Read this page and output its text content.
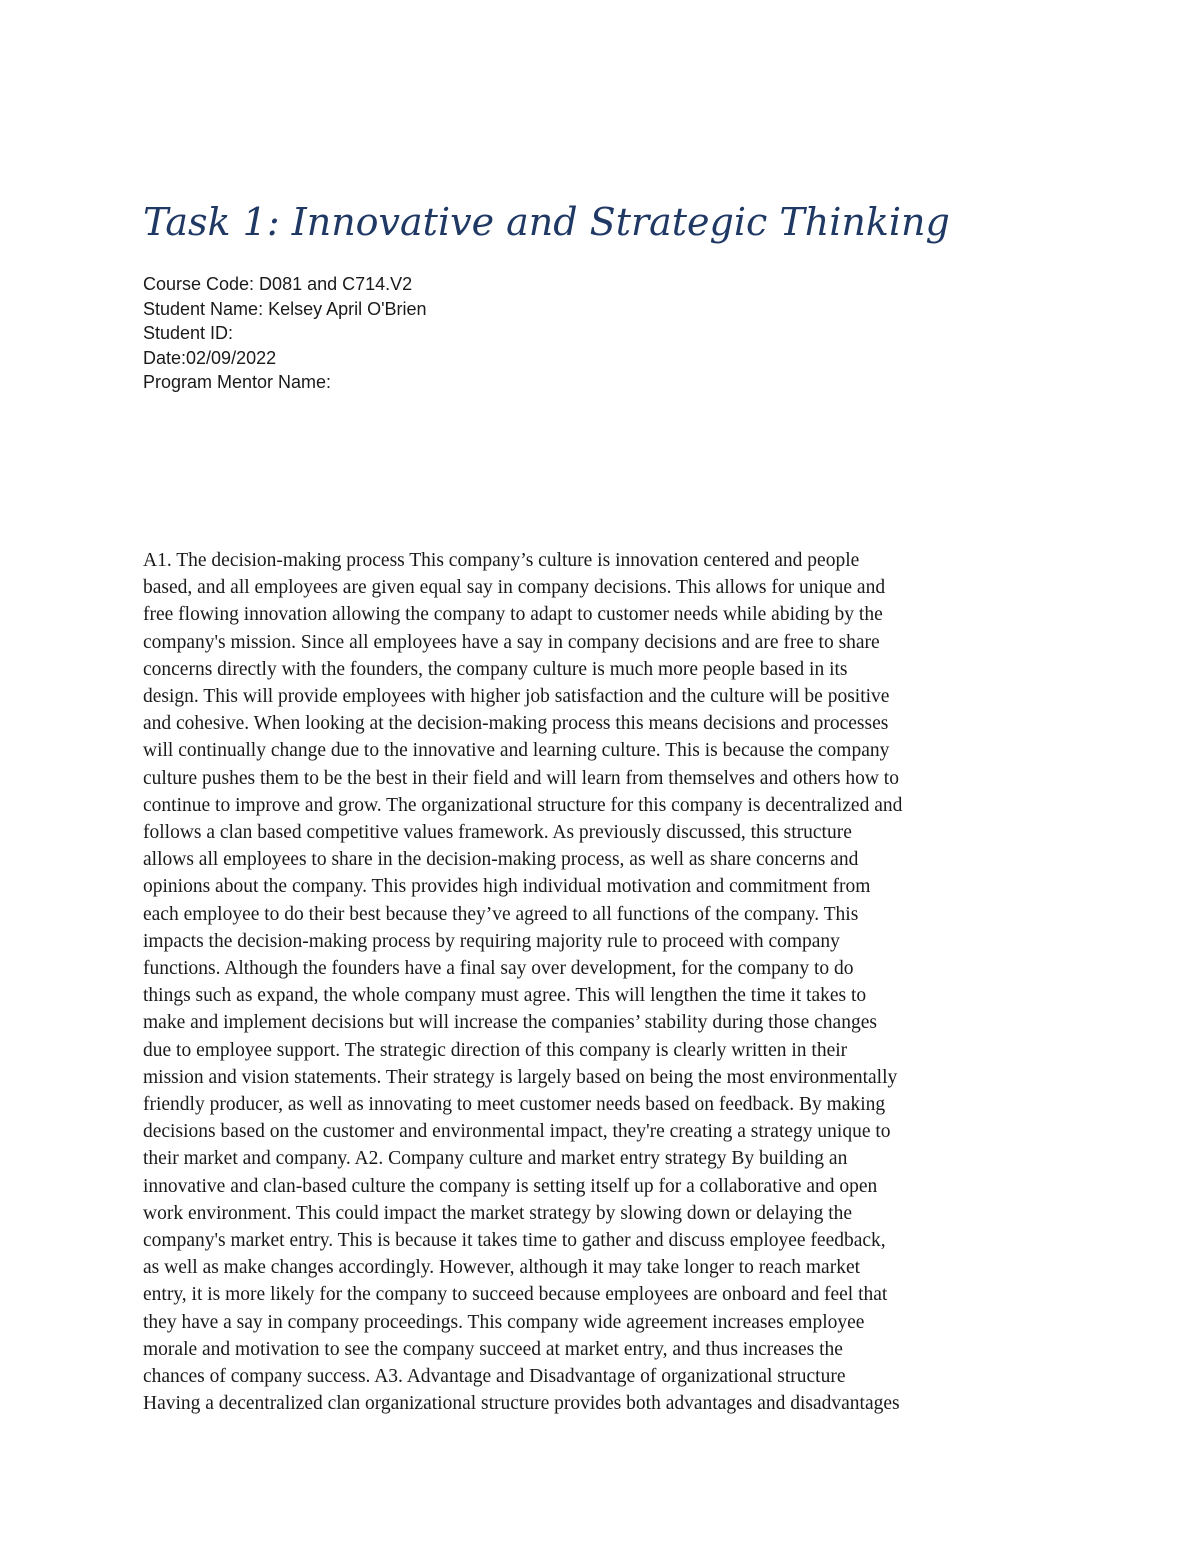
Task 1: Innovative and Strategic Thinking
Course Code: D081 and C714.V2
Student Name: Kelsey April O'Brien
Student ID:
Date:02/09/2022
Program Mentor Name:
A1. The decision-making process This company’s culture is innovation centered and people
based, and all employees are given equal say in company decisions. This allows for unique and
free flowing innovation allowing the company to adapt to customer needs while abiding by the
company's mission. Since all employees have a say in company decisions and are free to share
concerns directly with the founders, the company culture is much more people based in its
design. This will provide employees with higher job satisfaction and the culture will be positive
and cohesive. When looking at the decision-making process this means decisions and processes
will continually change due to the innovative and learning culture. This is because the company
culture pushes them to be the best in their field and will learn from themselves and others how to
continue to improve and grow. The organizational structure for this company is decentralized and
follows a clan based competitive values framework. As previously discussed, this structure
allows all employees to share in the decision-making process, as well as share concerns and
opinions about the company. This provides high individual motivation and commitment from
each employee to do their best because they’ve agreed to all functions of the company. This
impacts the decision-making process by requiring majority rule to proceed with company
functions. Although the founders have a final say over development, for the company to do
things such as expand, the whole company must agree. This will lengthen the time it takes to
make and implement decisions but will increase the companies’ stability during those changes
due to employee support. The strategic direction of this company is clearly written in their
mission and vision statements. Their strategy is largely based on being the most environmentally
friendly producer, as well as innovating to meet customer needs based on feedback. By making
decisions based on the customer and environmental impact, they're creating a strategy unique to
their market and company. A2. Company culture and market entry strategy By building an
innovative and clan-based culture the company is setting itself up for a collaborative and open
work environment. This could impact the market strategy by slowing down or delaying the
company's market entry. This is because it takes time to gather and discuss employee feedback,
as well as make changes accordingly. However, although it may take longer to reach market
entry, it is more likely for the company to succeed because employees are onboard and feel that
they have a say in company proceedings. This company wide agreement increases employee
morale and motivation to see the company succeed at market entry, and thus increases the
chances of company success. A3. Advantage and Disadvantage of organizational structure
Having a decentralized clan organizational structure provides both advantages and disadvantages
